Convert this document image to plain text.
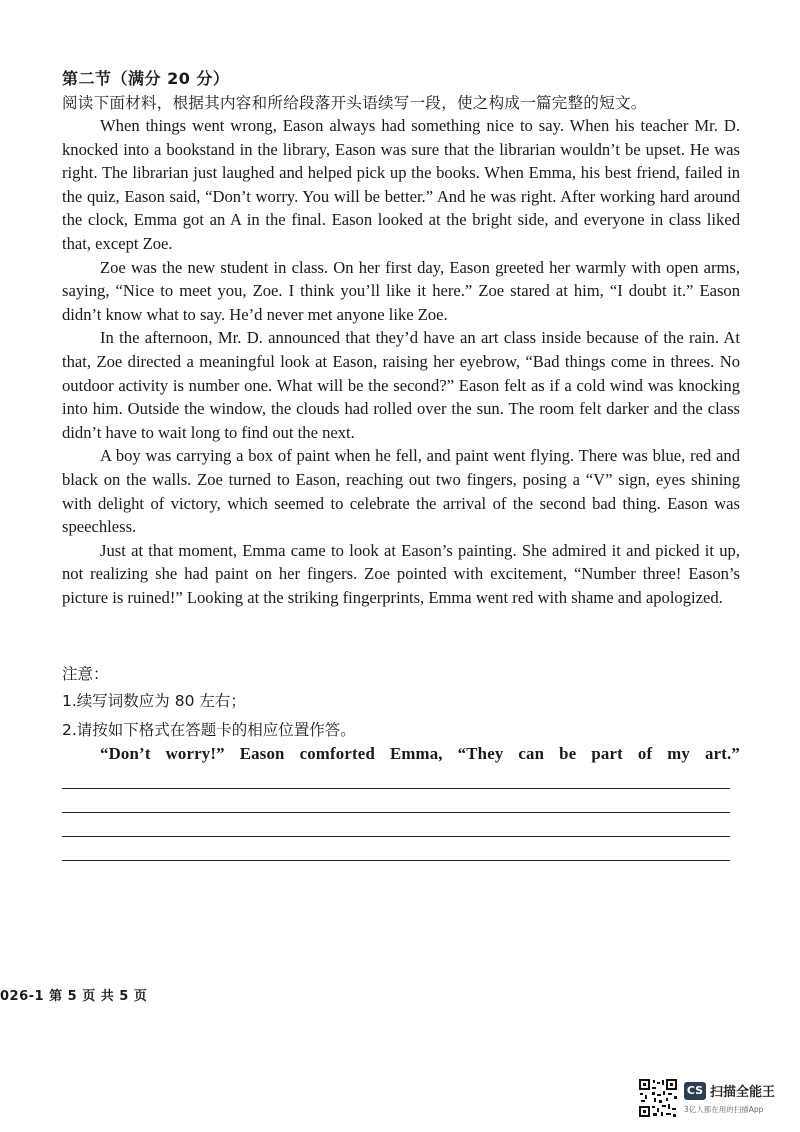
第二节（满分 20 分）
阅读下面材料，根据其内容和所给段落开头语续写一段，使之构成一篇完整的短文。

When things went wrong, Eason always had something nice to say. When his teacher Mr. D. knocked into a bookstand in the library, Eason was sure that the librarian wouldn’t be upset. He was right. The librarian just laughed and helped pick up the books. When Emma, his best friend, failed in the quiz, Eason said, “Don’t worry. You will be better.” And he was right. After working hard around the clock, Emma got an A in the final. Eason looked at the bright side, and everyone in class liked that, except Zoe.

Zoe was the new student in class. On her first day, Eason greeted her warmly with open arms, saying, “Nice to meet you, Zoe. I think you’ll like it here.” Zoe stared at him, “I doubt it.” Eason didn’t know what to say. He’d never met anyone like Zoe.

In the afternoon, Mr. D. announced that they’d have an art class inside because of the rain. At that, Zoe directed a meaningful look at Eason, raising her eyebrow, “Bad things come in threes. No outdoor activity is number one. What will be the second?” Eason felt as if a cold wind was knocking into him. Outside the window, the clouds had rolled over the sun. The room felt darker and the class didn’t have to wait long to find out the next.

A boy was carrying a box of paint when he fell, and paint went flying. There was blue, red and black on the walls. Zoe turned to Eason, reaching out two fingers, posing a “V” sign, eyes shining with delight of victory, which seemed to celebrate the arrival of the second bad thing. Eason was speechless.

Just at that moment, Emma came to look at Eason’s painting. She admired it and picked it up, not realizing she had paint on her fingers. Zoe pointed with excitement, “Number three! Eason’s picture is ruined!” Looking at the striking fingerprints, Emma went red with shame and apologized.

注意：
1.续写词数应为 80 左右；
2.请按如下格式在答题卡的相应位置作答。
“Don’t worry!” Eason comforted Emma, “They can be part of my art.”
026-1 第 5 页 共 5 页
CS 扫描全能王
3亿人都在用的扫描App
